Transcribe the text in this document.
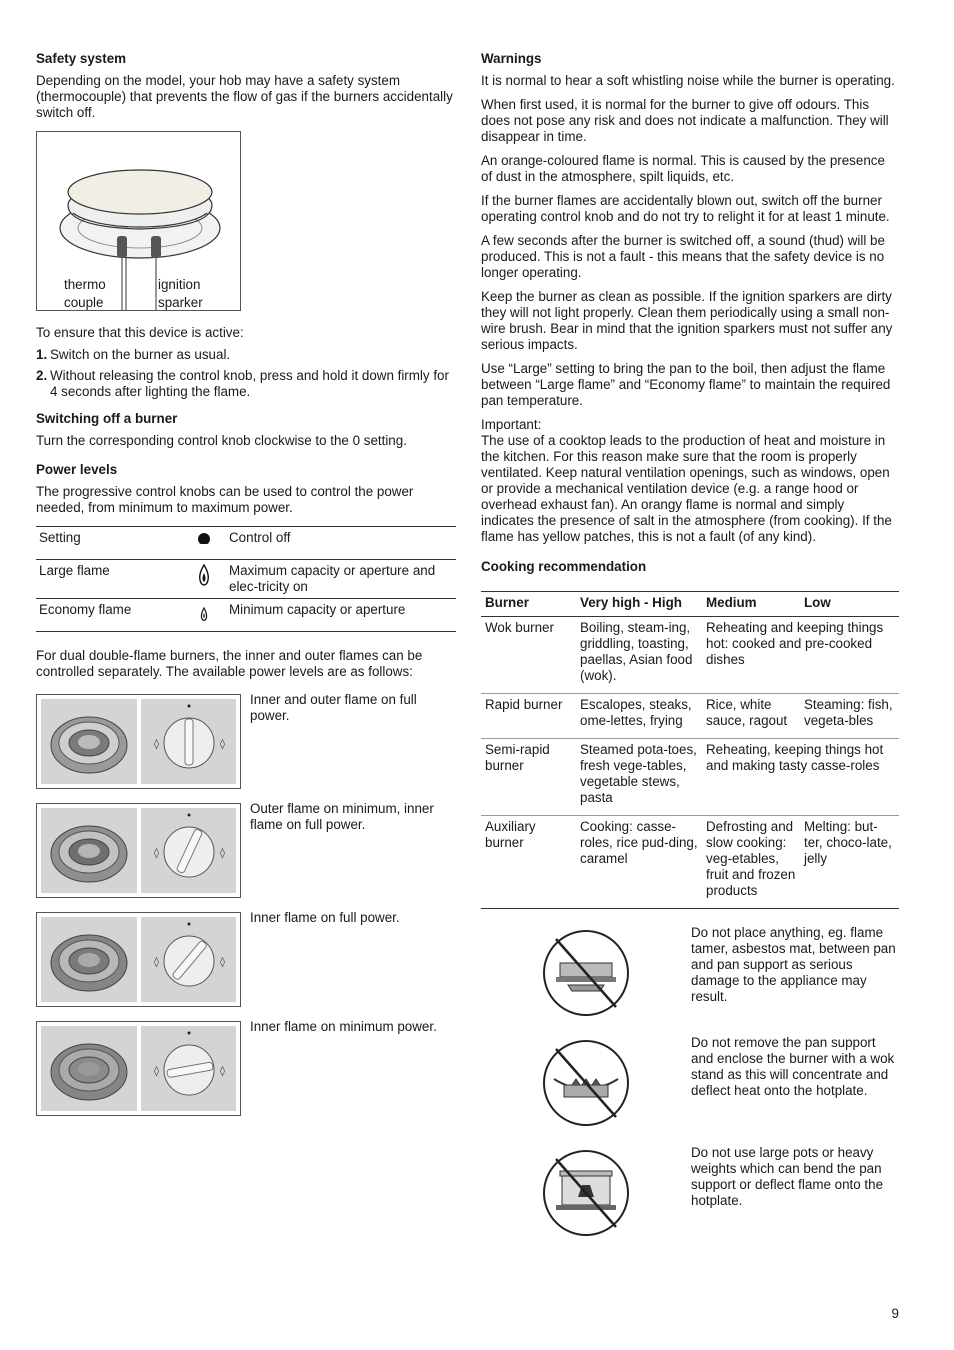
Safety system

Depending on the model, your hob may have a safety system (thermocouple) that prevents the flow of gas if the burners accidentally switch off.

thermo
couple
ignition
sparker

To ensure that this device is active:

1. Switch on the burner as usual.
2. Without releasing the control knob, press and hold it down firmly for 4 seconds after lighting the flame.
Switching off a burner

Turn the corresponding control knob clockwise to the 0 setting.

Power levels

The progressive control knobs can be used to control the power needed, from minimum to maximum power.

Setting		Control off
Large flame		Maximum capacity or aperture and elec-tricity on
Economy flame		Minimum capacity or aperture

For dual double-flame burners, the inner and outer flames can be controlled separately. The available power levels are as follows:

◊	◊

Inner and outer flame on full power.

◊	◊

Outer flame on minimum, inner flame on full power.

◊	◊

Inner flame on full power.

◊	◊

Inner flame on minimum power.

Warnings

It is normal to hear a soft whistling noise while the burner is operating.

When first used, it is normal for the burner to give off odours. This does not pose any risk and does not indicate a malfunction. They will disappear in time.

An orange-coloured flame is normal. This is caused by the presence of dust in the atmosphere, spilt liquids, etc.

If the burner flames are accidentally blown out, switch off the burner operating control knob and do not try to relight it for at least 1 minute.

A few seconds after the burner is switched off, a sound (thud) will be produced. This is not a fault - this means that the safety device is no longer operating.

Keep the burner as clean as possible. If the ignition sparkers are dirty they will not light properly. Clean them periodically using a small non-wire brush. Bear in mind that the ignition sparkers must not suffer any serious impacts.

Use “Large” setting to bring the pan to the boil, then adjust the flame between “Large flame” and “Economy flame” to maintain the required pan temperature.

Important:

The use of a cooktop leads to the production of heat and moisture in the kitchen. For this reason make sure that the room is properly ventilated. Keep natural ventilation openings, such as windows, open or provide a mechanical ventilation device (e.g. a range hood or overhead exhaust fan). An orangy flame is normal and simply indicates the presence of salt in the atmosphere (from cooking). If the flame has yellow patches, this is not a fault (of any kind).

Cooking recommendation
Burner	Very high - High	Medium	Low
Wok burner	Boiling, steam-ing, griddling, toasting, paellas, Asian food (wok).	Reheating and keeping things hot: cooked and pre-cooked dishes	
Rapid burner	Escalopes, steaks, ome-lettes, frying	Rice, white sauce, ragout	Steaming: fish, vegeta-bles
Semi-rapid burner	Steamed pota-toes, fresh vege-tables, vegetable stews, pasta	Reheating, keeping things hot and making tasty casse-roles	
Auxiliary burner	Cooking: casse-roles, rice pud-ding, caramel	Defrosting and slow cooking: veg-etables, fruit and frozen products	Melting: but-ter, choco-late, jelly

Do not place anything, eg. flame tamer, asbestos mat, between pan and pan support as serious damage to the appliance may result.

Do not remove the pan support and enclose the burner with a wok stand as this will concentrate and deflect heat onto the hotplate.

Do not use large pots or heavy weights which can bend the pan support or deflect flame onto the hotplate.

9
